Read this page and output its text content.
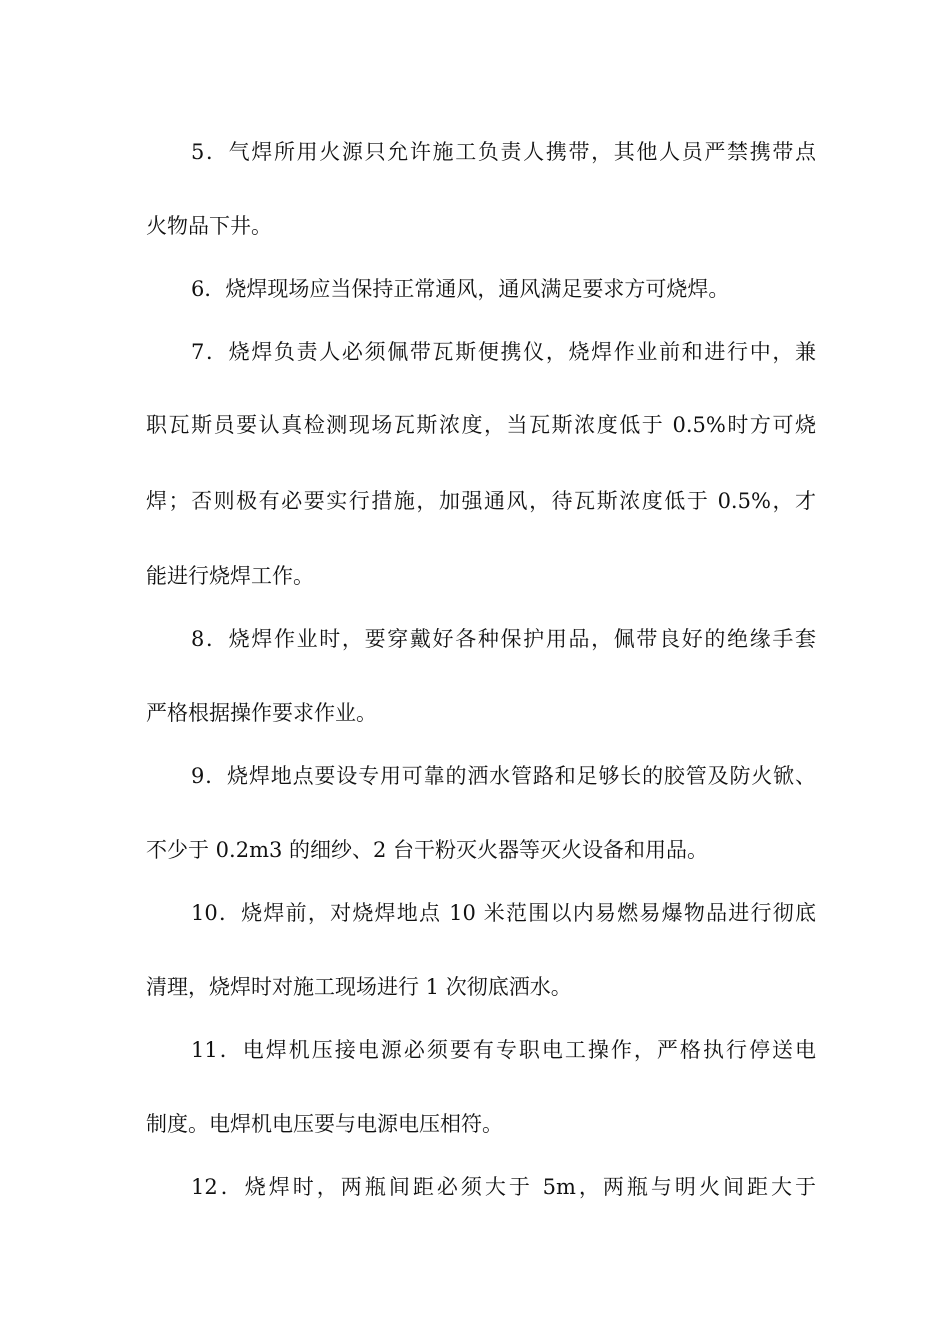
5．气焊所用火源只允许施工负责人携带，其他人员严禁携带点
火物品下井。
6．烧焊现场应当保持正常通风，通风满足要求方可烧焊。
7．烧焊负责人必须佩带瓦斯便携仪，烧焊作业前和进行中，兼
职瓦斯员要认真检测现场瓦斯浓度，当瓦斯浓度低于 0.5%时方可烧
焊；否则极有必要实行措施，加强通风，待瓦斯浓度低于 0.5%，才
能进行烧焊工作。
8．烧焊作业时，要穿戴好各种保护用品，佩带良好的绝缘手套
严格根据操作要求作业。
9．烧焊地点要设专用可靠的洒水管路和足够长的胶管及防火锨、
不少于 0.2m3 的细纱、2 台干粉灭火器等灭火设备和用品。
10．烧焊前，对烧焊地点 10 米范围以内易燃易爆物品进行彻底
清理，烧焊时对施工现场进行 1 次彻底洒水。
11．电焊机压接电源必须要有专职电工操作，严格执行停送电
制度。电焊机电压要与电源电压相符。
12．烧焊时，两瓶间距必须大于 5m，两瓶与明火间距大于
